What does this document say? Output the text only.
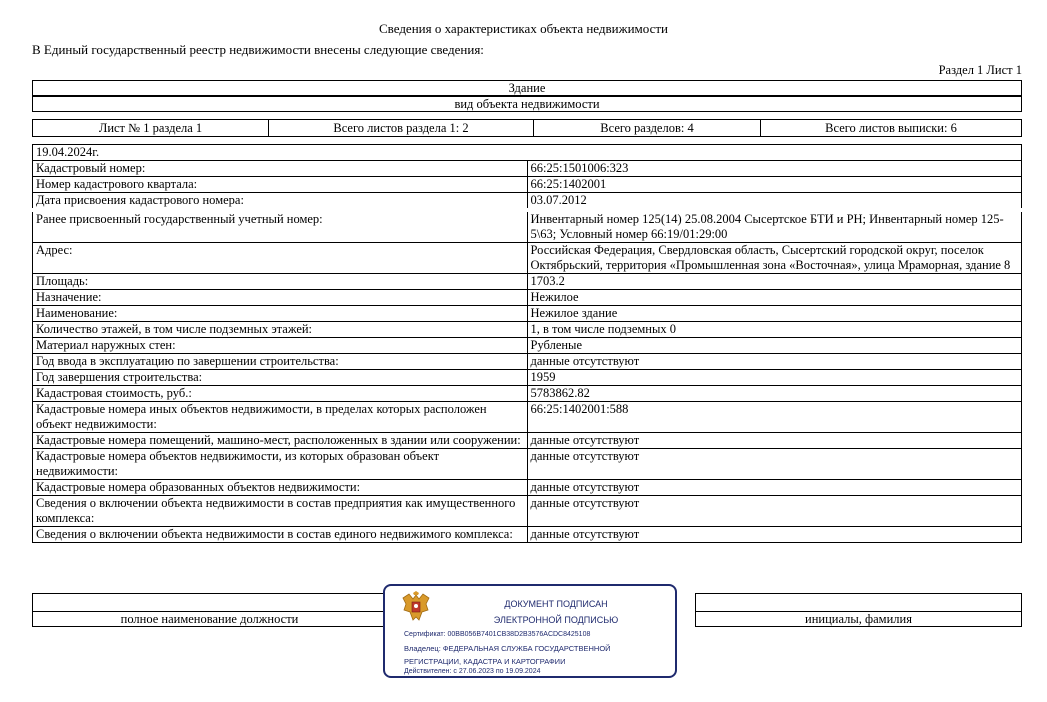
Сведения о характеристиках объекта недвижимости
В Единый государственный реестр недвижимости внесены следующие сведения:
Раздел 1 Лист 1
Здание
вид объекта недвижимости
Лист № 1 раздела 1	Всего листов раздела 1: 2	Всего разделов: 4	Всего листов выписки: 6
19.04.2024г.	
Кадастровый номер:	66:25:1501006:323
Номер кадастрового квартала:	66:25:1402001
Дата присвоения кадастрового номера:	03.07.2012
Ранее присвоенный государственный учетный номер:	Инвентарный номер 125(14) 25.08.2004 Сысертское БТИ и РН; Инвентарный номер 125-5\63; Условный номер 66:19/01:29:00
Адрес:	Российская Федерация, Свердловская область, Сысертский городской округ, поселок Октябрьский, территория «Промышленная зона «Восточная», улица Мраморная, здание 8
Площадь:	1703.2
Назначение:	Нежилое
Наименование:	Нежилое здание
Количество этажей, в том числе подземных этажей:	1, в том числе подземных 0
Материал наружных стен:	Рубленые
Год ввода в эксплуатацию по завершении строительства:	данные отсутствуют
Год завершения строительства:	1959
Кадастровая стоимость, руб.:	5783862.82
Кадастровые номера иных объектов недвижимости, в пределах которых расположен объект недвижимости:	66:25:1402001:588
Кадастровые номера помещений, машино-мест, расположенных в здании или сооружении:	данные отсутствуют
Кадастровые номера объектов недвижимости, из которых образован объект недвижимости:	данные отсутствуют
Кадастровые номера образованных объектов недвижимости:	данные отсутствуют
Сведения о включении объекта недвижимости в состав предприятия как имущественного комплекса:	данные отсутствуют
Сведения о включении объекта недвижимости в состав единого недвижимого комплекса:	данные отсутствуют
полное наименование должности	инициалы, фамилия
ДОКУМЕНТ ПОДПИСАН
ЭЛЕКТРОННОЙ ПОДПИСЬЮ
Сертификат: 00BB056B7401CB38D2B3576ACDC8425108
Владелец: ФЕДЕРАЛЬНАЯ СЛУЖБА ГОСУДАРСТВЕННОЙ
РЕГИСТРАЦИИ, КАДАСТРА И КАРТОГРАФИИ
Действителен: с 27.06.2023 по 19.09.2024
